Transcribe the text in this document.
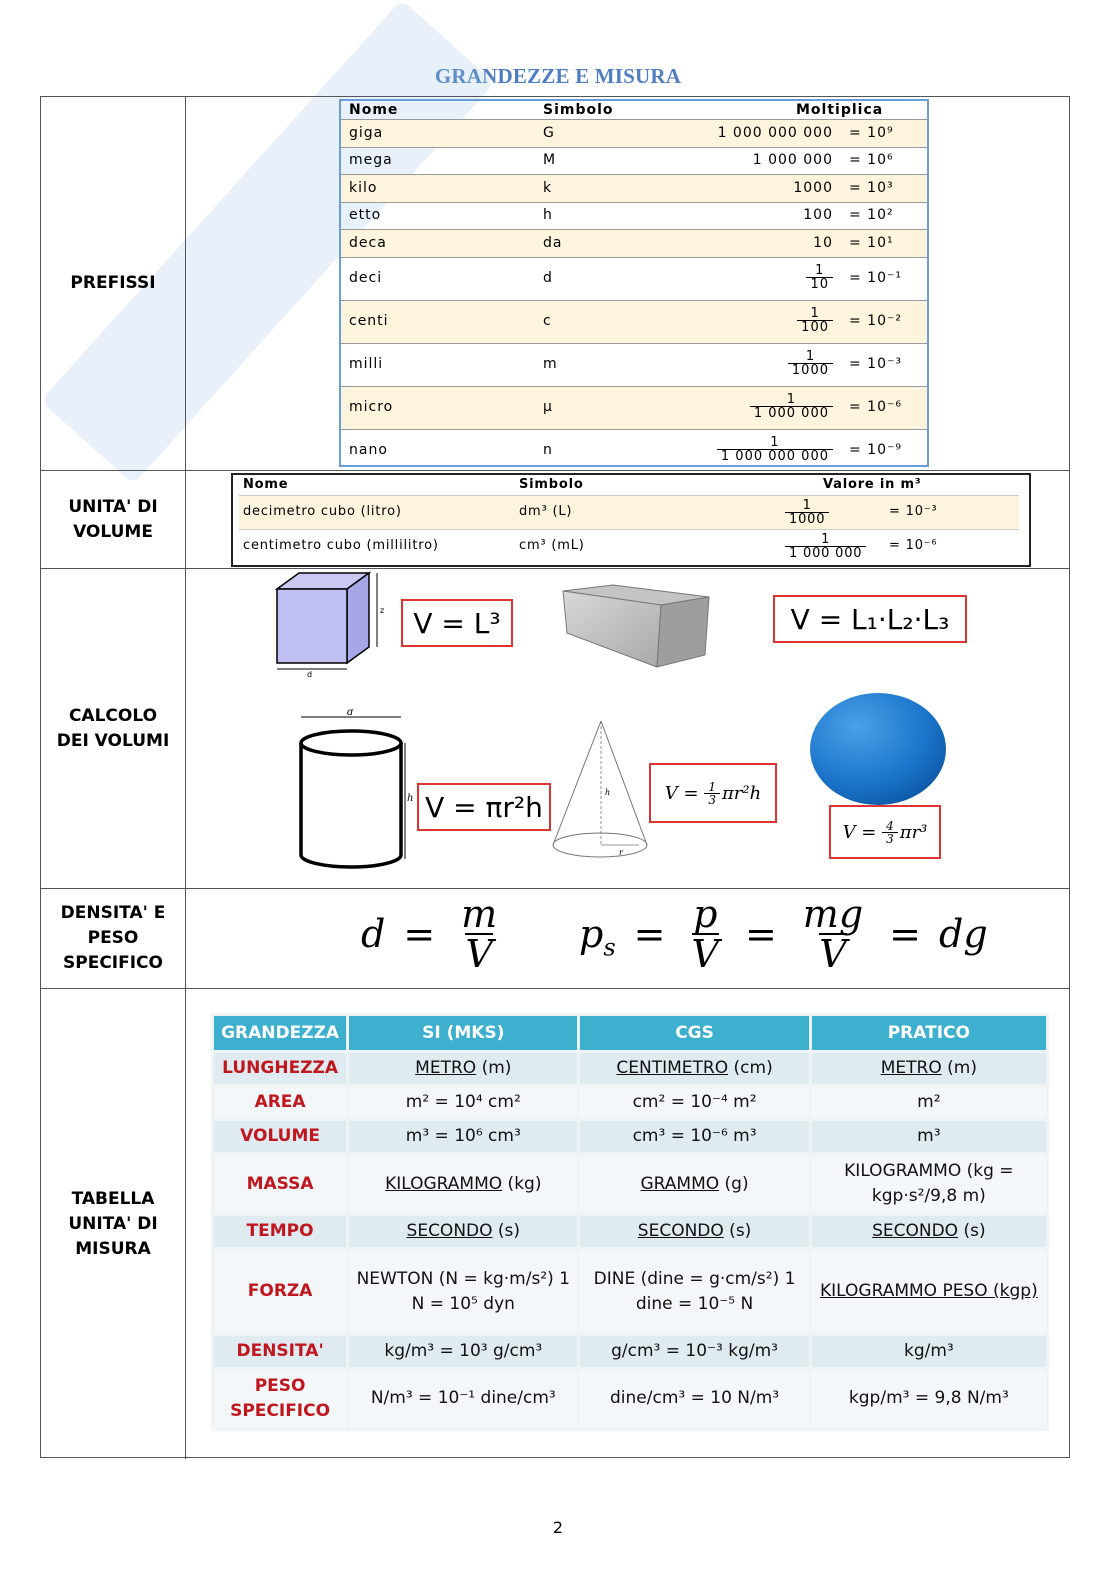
GRANDEZZE E MISURA
PREFISSI
Nome	Simbolo	Moltiplica
giga	G	1 000 000 000 = 10⁹
mega	M	1 000 000 = 10⁶
kilo	k	1000 = 10³
etto	h	100 = 10²
deca	da	10 = 10¹
deci	d	$\frac{1}{10} = 10^{-1}$
centi	c	$\frac{1}{100} = 10^{-2}$
milli	m	$\frac{1}{1000} = 10^{-3}$
micro	μ	$\frac{1}{1 000 000} = 10^{-6}$
nano	n	$\frac{1}{1 000 000 000} = 10^{-9}$
UNITA' DI VOLUME
Nome	Simbolo	Valore in m³
decimetro cubo (litro)	dm³ (L)	$\frac{1}{1000}$	= 10⁻³
centimetro cubo (millilitro)	cm³ (mL)	$\frac{1}{1 000 000} = 10^{-6}$
CALCOLO DEI VOLUMI
z
d
V = L³	V = L₁·L₂·L₃
d
h V = πr²h	h
r
$V = \frac{1}{3} \pi r^2h$
$V = \frac{4}{3} \pi r^3$
DENSITA' E PESO SPECIFICO
$d = \frac{m}{V} p_s = \frac{p}{V} = \frac{mg}{V}$ = dg
TABELLA UNITA' DI MISURA
GRANDEZZA	SI (MKS)	CGS	PRATICO
LUNGHEZZA	METRO (m)	CENTIMETRO (cm)	METRO (m)
AREA	m² = 10⁴ cm²	cm² = 10⁻⁴ m²	m²
VOLUME	m³ = 10⁶ cm³	cm³ = 10⁻⁶ m³	m³
MASSA	KILOGRAMMO (kg)	GRAMMO (g)	KILOGRAMMO (kg = kgp·s²/9,8 m)
TEMPO	SECONDO (s)	SECONDO (s)	SECONDO (s)
FORZA	NEWTON (N = kg·m/s²) 1 N = 10⁵ dyn	DINE (dine = g·cm/s²) 1 dine = 10⁻⁵ N	KILOGRAMMO PESO (kgp)
DENSITA'	kg/m³ = 10³ g/cm³	g/cm³ = 10⁻³ kg/m³	kg/m³
PESO SPECIFICO	N/m³ = 10⁻¹ dine/cm³	dine/cm³ = 10 N/m³	kgp/m³ = 9,8 N/m³
2
